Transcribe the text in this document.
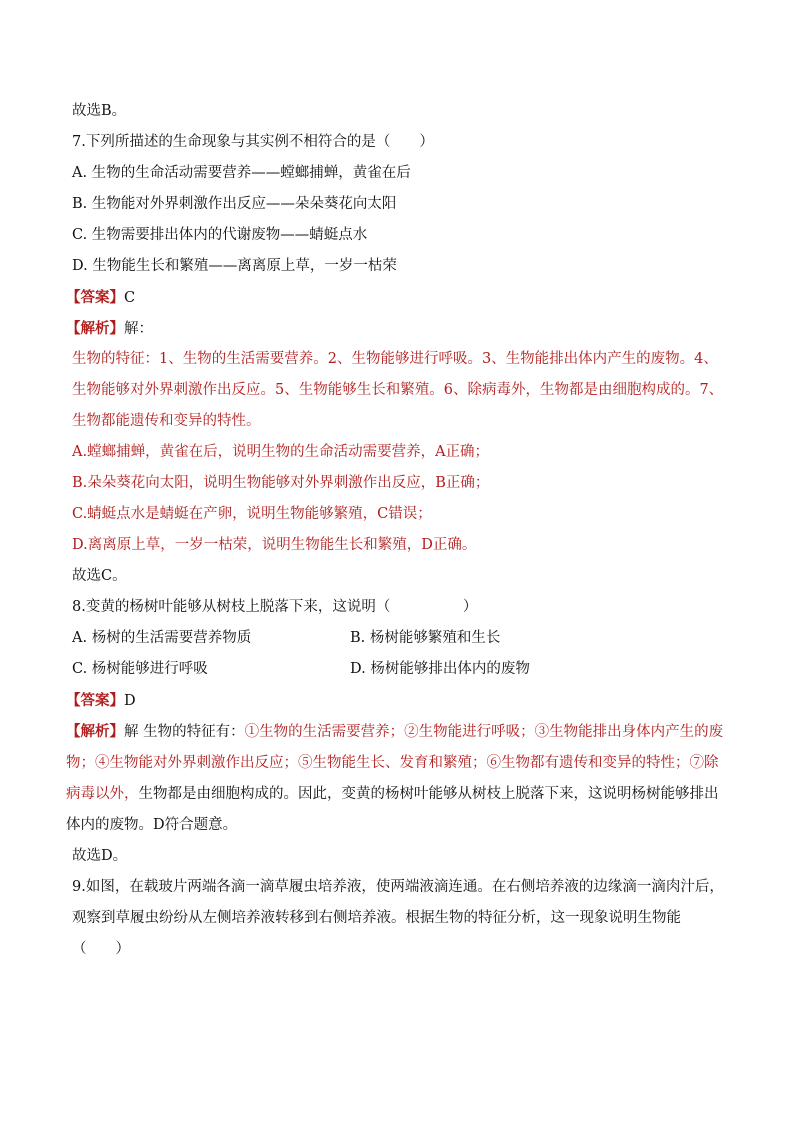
故选B。
7.下列所描述的生命现象与其实例不相符合的是（　　）
A. 生物的生命活动需要营养——螳螂捕蝉，黄雀在后
B. 生物能对外界刺激作出反应——朵朵葵花向太阳
C. 生物需要排出体内的代谢废物——蜻蜓点水
D. 生物能生长和繁殖——离离原上草，一岁一枯荣
【答案】C
【解析】解：
生物的特征：1、生物的生活需要营养。2、生物能够进行呼吸。3、生物能排出体内产生的废物。4、生物能够对外界刺激作出反应。5、生物能够生长和繁殖。6、除病毒外，生物都是由细胞构成的。7、生物都能遗传和变异的特性。
A.螳螂捕蝉，黄雀在后，说明生物的生命活动需要营养，A正确；
B.朵朵葵花向太阳，说明生物能够对外界刺激作出反应，B正确；
C.蜻蜓点水是蜻蜓在产卵，说明生物能够繁殖，C错误；
D.离离原上草，一岁一枯荣，说明生物能生长和繁殖，D正确。
故选C。
8.变黄的杨树叶能够从树枝上脱落下来，这说明（　　　　　）
A. 杨树的生活需要营养物质	B. 杨树能够繁殖和生长
C. 杨树能够进行呼吸	D. 杨树能够排出体内的废物
【答案】D
【解析】解 生物的特征有：①生物的生活需要营养；②生物能进行呼吸；③生物能排出身体内产生的废物；④生物能对外界刺激作出反应；⑤生物能生长、发育和繁殖；⑥生物都有遗传和变异的特性；⑦除病毒以外，生物都是由细胞构成的。因此，变黄的杨树叶能够从树枝上脱落下来，这说明杨树能够排出体内的废物。D符合题意。
故选D。
9.如图，在载玻片两端各滴一滴草履虫培养液，使两端液滴连通。在右侧培养液的边缘滴一滴肉汁后，观察到草履虫纷纷从左侧培养液转移到右侧培养液。根据生物的特征分析，这一现象说明生物能（　　）
